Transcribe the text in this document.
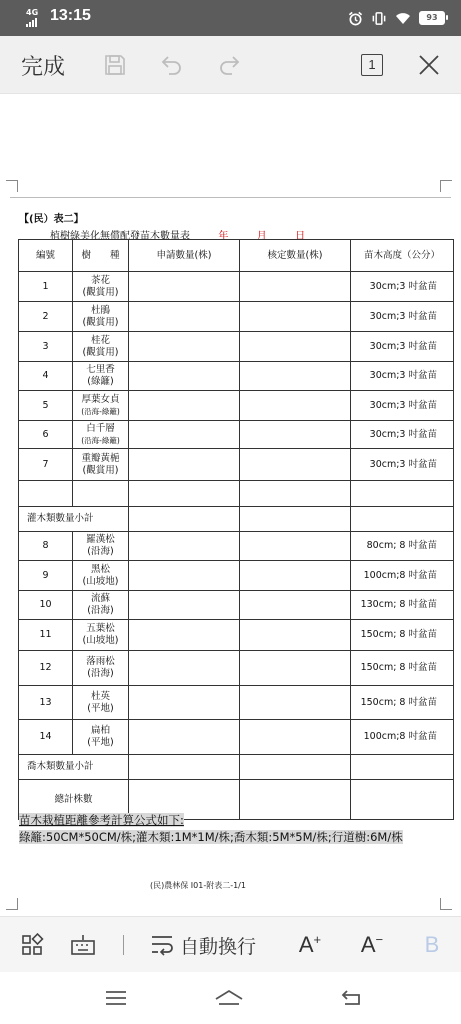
4G 13:15	93
完成	1
【(民）表二】
植樹綠美化無償配發苗木數量表	年	月	日
編號	樹　　種	申請數量(株)	核定數量(株)	苗木高度（公分）
1	茶花
(觀賞用)			30cm;3 吋盆苗
2	杜鵑
(觀賞用)			30cm;3 吋盆苗
3	桂花
(觀賞用)			30cm;3 吋盆苗
4	七里香
(綠籬)			30cm;3 吋盆苗
5	厚葉女貞
(沿海-綠籬)			30cm;3 吋盆苗
6	白千層
(沿海-綠籬)			30cm;3 吋盆苗
7	重瓣黃梔
(觀賞用)			30cm;3 吋盆苗

灌木類數量小計				
8	羅漢松
(沿海)			80cm; 8 吋盆苗
9	黑松
(山坡地)			100cm;8 吋盆苗
10	流蘇
(沿海)			130cm; 8 吋盆苗
11	五葉松
(山坡地)			150cm; 8 吋盆苗
12	落雨松
(沿海)			150cm; 8 吋盆苗
13	杜英
(平地)			150cm; 8 吋盆苗
14	扁柏
(平地)			100cm;8 吋盆苗
喬木類數量小計				
總計株數				
苗木栽植距離參考計算公式如下:
綠籬:50CM*50CM/株;灌木類:1M*1M/株;喬木類:5M*5M/株;行道樹:6M/株
(民)農林保 I01-附表二-1/1
自動換行 A + A − B
